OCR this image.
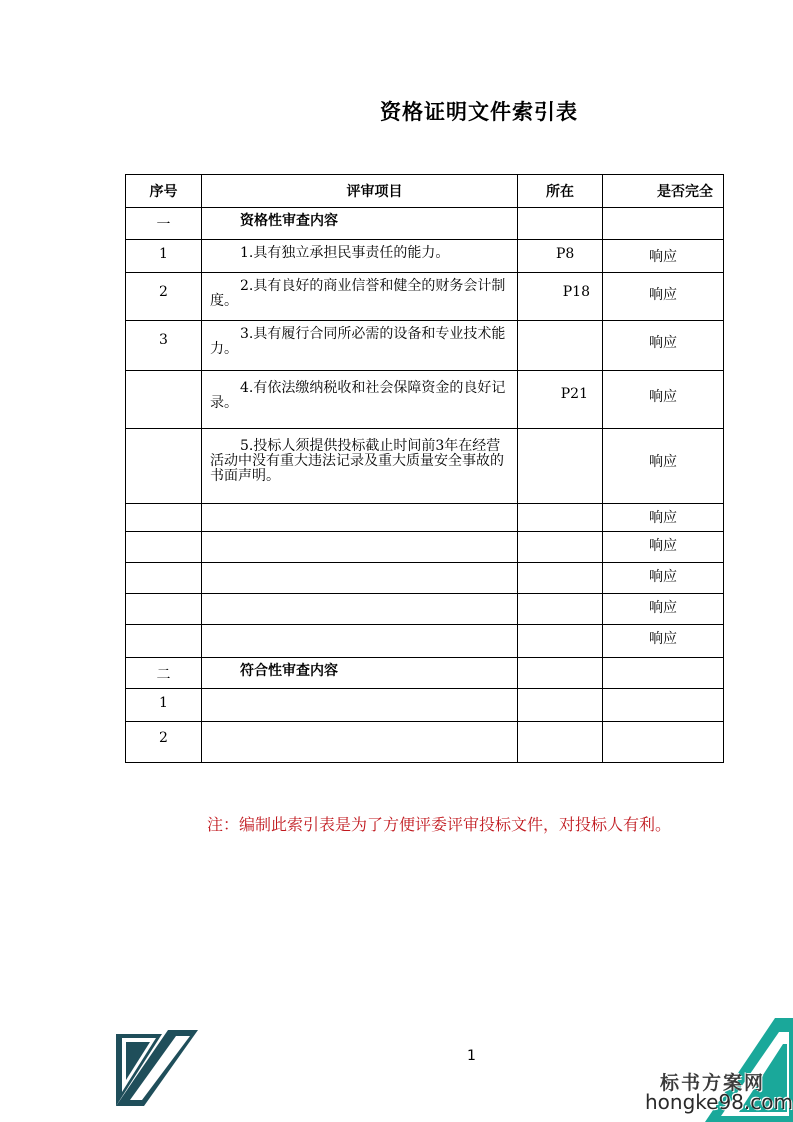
资格证明文件索引表
序号	评审项目	所在	是否完全
一	资格性审查内容		

1	1.具有独立承担民事责任的能力。	P8	响应
2	2.具有良好的商业信誉和健全的财务会计制度。	P18	响应
3	3.具有履行合同所必需的设备和专业技术能力。		响应

	4.有依法缴纳税收和社会保障资金的良好记录。	P21	响应

	5.投标人须提供投标截止时间前3年在经营活动中没有重大违法记录及重大质量安全事故的书面声明。		响应
			响应
			响应
			响应
			响应
			响应
二	符合性审查内容		

1			
2			
注：编制此索引表是为了方便评委评审投标文件，对投标人有利。
1
标书方案网
hongke98.com
